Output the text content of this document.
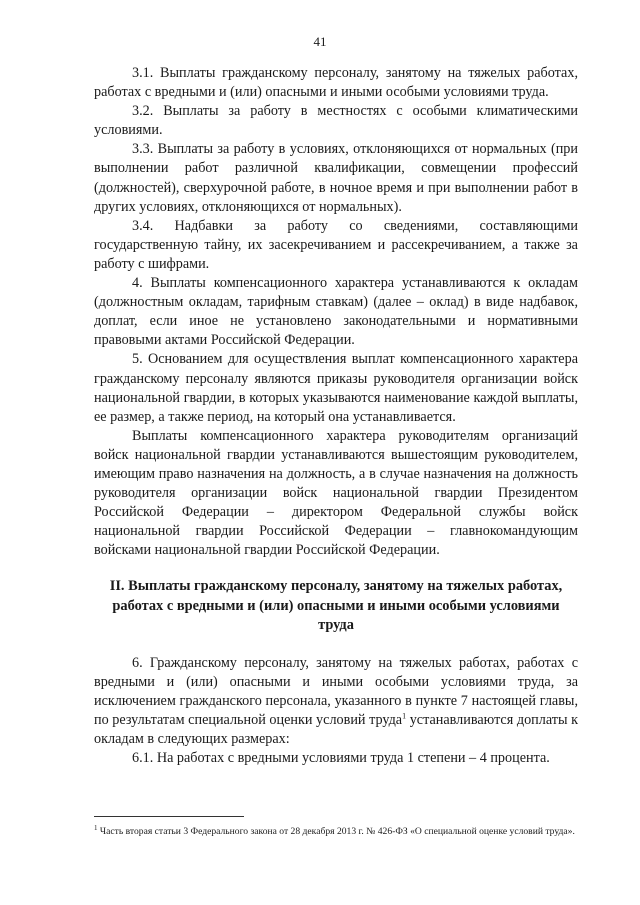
41

3.1. Выплаты гражданскому персоналу, занятому на тяжелых работах, работах с вредными и (или) опасными и иными особыми условиями труда.

3.2. Выплаты за работу в местностях с особыми климатическими условиями.

3.3. Выплаты за работу в условиях, отклоняющихся от нормальных (при выполнении работ различной квалификации, совмещении профессий (должностей), сверхурочной работе, в ночное время и при выполнении работ в других условиях, отклоняющихся от нормальных).

3.4. Надбавки за работу со сведениями, составляющими государственную тайну, их засекречиванием и рассекречиванием, а также за работу с шифрами.

4. Выплаты компенсационного характера устанавливаются к окладам (должностным окладам, тарифным ставкам) (далее – оклад) в виде надбавок, доплат, если иное не установлено законодательными и нормативными правовыми актами Российской Федерации.

5. Основанием для осуществления выплат компенсационного характера гражданскому персоналу являются приказы руководителя организации войск национальной гвардии, в которых указываются наименование каждой выплаты, ее размер, а также период, на который она устанавливается.

Выплаты компенсационного характера руководителям организаций войск национальной гвардии устанавливаются вышестоящим руководителем, имеющим право назначения на должность, а в случае назначения на должность руководителя организации войск национальной гвардии Президентом Российской Федерации – директором Федеральной службы войск национальной гвардии Российской Федерации – главнокомандующим войсками национальной гвардии Российской Федерации.

II. Выплаты гражданскому персоналу, занятому на тяжелых работах, работах с вредными и (или) опасными и иными особыми условиями труда

6. Гражданскому персоналу, занятому на тяжелых работах, работах с вредными и (или) опасными и иными особыми условиями труда, за исключением гражданского персонала, указанного в пункте 7 настоящей главы, по результатам специальной оценки условий труда$^1$ устанавливаются доплаты к окладам в следующих размерах:

6.1. На работах с вредными условиями труда 1 степени – 4 процента.

$^1$ Часть вторая статьи 3 Федерального закона от 28 декабря 2013 г. № 426-ФЗ «О специальной оценке условий труда».
